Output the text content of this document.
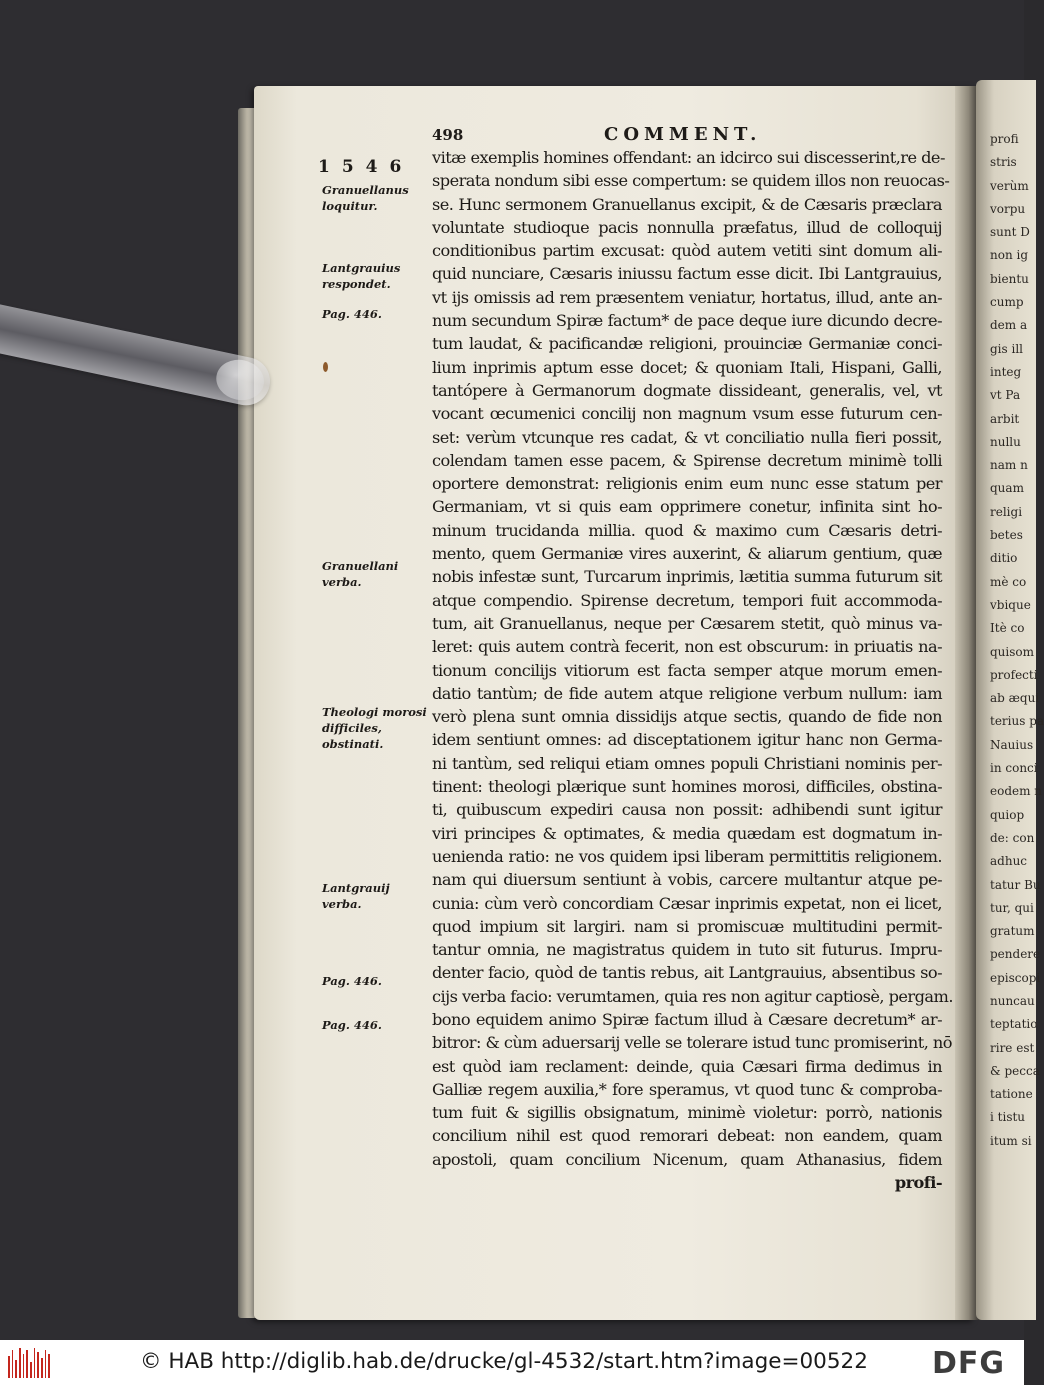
profi
stris
verùm
vorpu
sunt D
non ig
bientu
cump
dem a
gis ill
integ
vt Pa
arbit
nullu
nam n
quam
religi
betes
ditio
mè co
vbique
Itè co
quisom
profecti
ab æqui
terius pa
Nauius
in conci
eodem n
quiop
de: con
adhuc
tatur Bu
tur, qui
gratum
pendere
episcopi
nuncau
teptatio
rire est
& pecca
tatione
i tistu
itum si
498	COMMENT.
1546 vitæ exemplis homines offendant: an idcirco sui discesserint,re de-
sperata nondum sibi esse compertum: se quidem illos non reuocas-
se. Hunc sermonem Granuellanus excipit, & de Cæsaris præclara
voluntate studioque pacis nonnulla præfatus, illud de colloquij
conditionibus partim excusat: quòd autem vetiti sint domum ali-
quid nunciare, Cæsaris iniussu factum esse dicit. Ibi Lantgrauius,
vt ijs omissis ad rem præsentem veniatur, hortatus, illud, ante an-
num secundum Spiræ factum* de pace deque iure dicundo decre-
tum laudat, & pacificandæ religioni, prouinciæ Germaniæ conci-
lium inprimis aptum esse docet; & quoniam Itali, Hispani, Galli,
tantópere à Germanorum dogmate dissideant, generalis, vel, vt
vocant œcumenici concilij non magnum vsum esse futurum cen-
set: verùm vtcunque res cadat, & vt conciliatio nulla fieri possit,
colendam tamen esse pacem, & Spirense decretum minimè tolli
oportere demonstrat: religionis enim eum nunc esse statum per
Germaniam, vt si quis eam opprimere conetur, infinita sint ho-
minum trucidanda millia. quod & maximo cum Cæsaris detri-
mento, quem Germaniæ vires auxerint, & aliarum gentium, quæ
nobis infestæ sunt, Turcarum inprimis, lætitia summa futurum sit
atque compendio. Spirense decretum, tempori fuit accommoda-
tum, ait Granuellanus, neque per Cæsarem stetit, quò minus va-
leret: quis autem contrà fecerit, non est obscurum: in priuatis na-
tionum concilijs vitiorum est facta semper atque morum emen-
datio tantùm; de fide autem atque religione verbum nullum: iam
verò plena sunt omnia dissidijs atque sectis, quando de fide non
idem sentiunt omnes: ad disceptationem igitur hanc non Germa-
ni tantùm, sed reliqui etiam omnes populi Christiani nominis per-
tinent: theologi plærique sunt homines morosi, difficiles, obstina-
ti, quibuscum expediri causa non possit: adhibendi sunt igitur
viri principes & optimates, & media quædam est dogmatum in-
uenienda ratio: ne vos quidem ipsi liberam permittitis religionem.
nam qui diuersum sentiunt à vobis, carcere multantur atque pe-
cunia: cùm verò concordiam Cæsar inprimis expetat, non ei licet,
quod impium sit largiri. nam si promiscuæ multitudini permit-
tantur omnia, ne magistratus quidem in tuto sit futurus. Impru-
denter facio, quòd de tantis rebus, ait Lantgrauius, absentibus so-
cijs verba facio: verumtamen, quia res non agitur captiosè, pergam.
bono equidem animo Spiræ factum illud à Cæsare decretum* ar-
bitror: & cùm aduersarij velle se tolerare istud tunc promiserint, nō
est quòd iam reclament: deinde, quia Cæsari firma dedimus in
Galliæ regem auxilia,* fore speramus, vt quod tunc & comproba-
tum fuit & sigillis obsignatum, minimè violetur: porrò, nationis
concilium nihil est quod remorari debeat: non eandem, quam
apostoli, quam concilium Nicenum, quam Athanasius, fidem
profi-
Granuellanus loquitur.
Lantgrauius respondet.
Pag. 446.
Granuellani verba.
Theologi morosi difficiles, obstinati.
Lantgrauij verba.
Pag. 446.
Pag. 446.
© HAB http://diglib.hab.de/drucke/gl-4532/start.htm?image=00522 DFG
